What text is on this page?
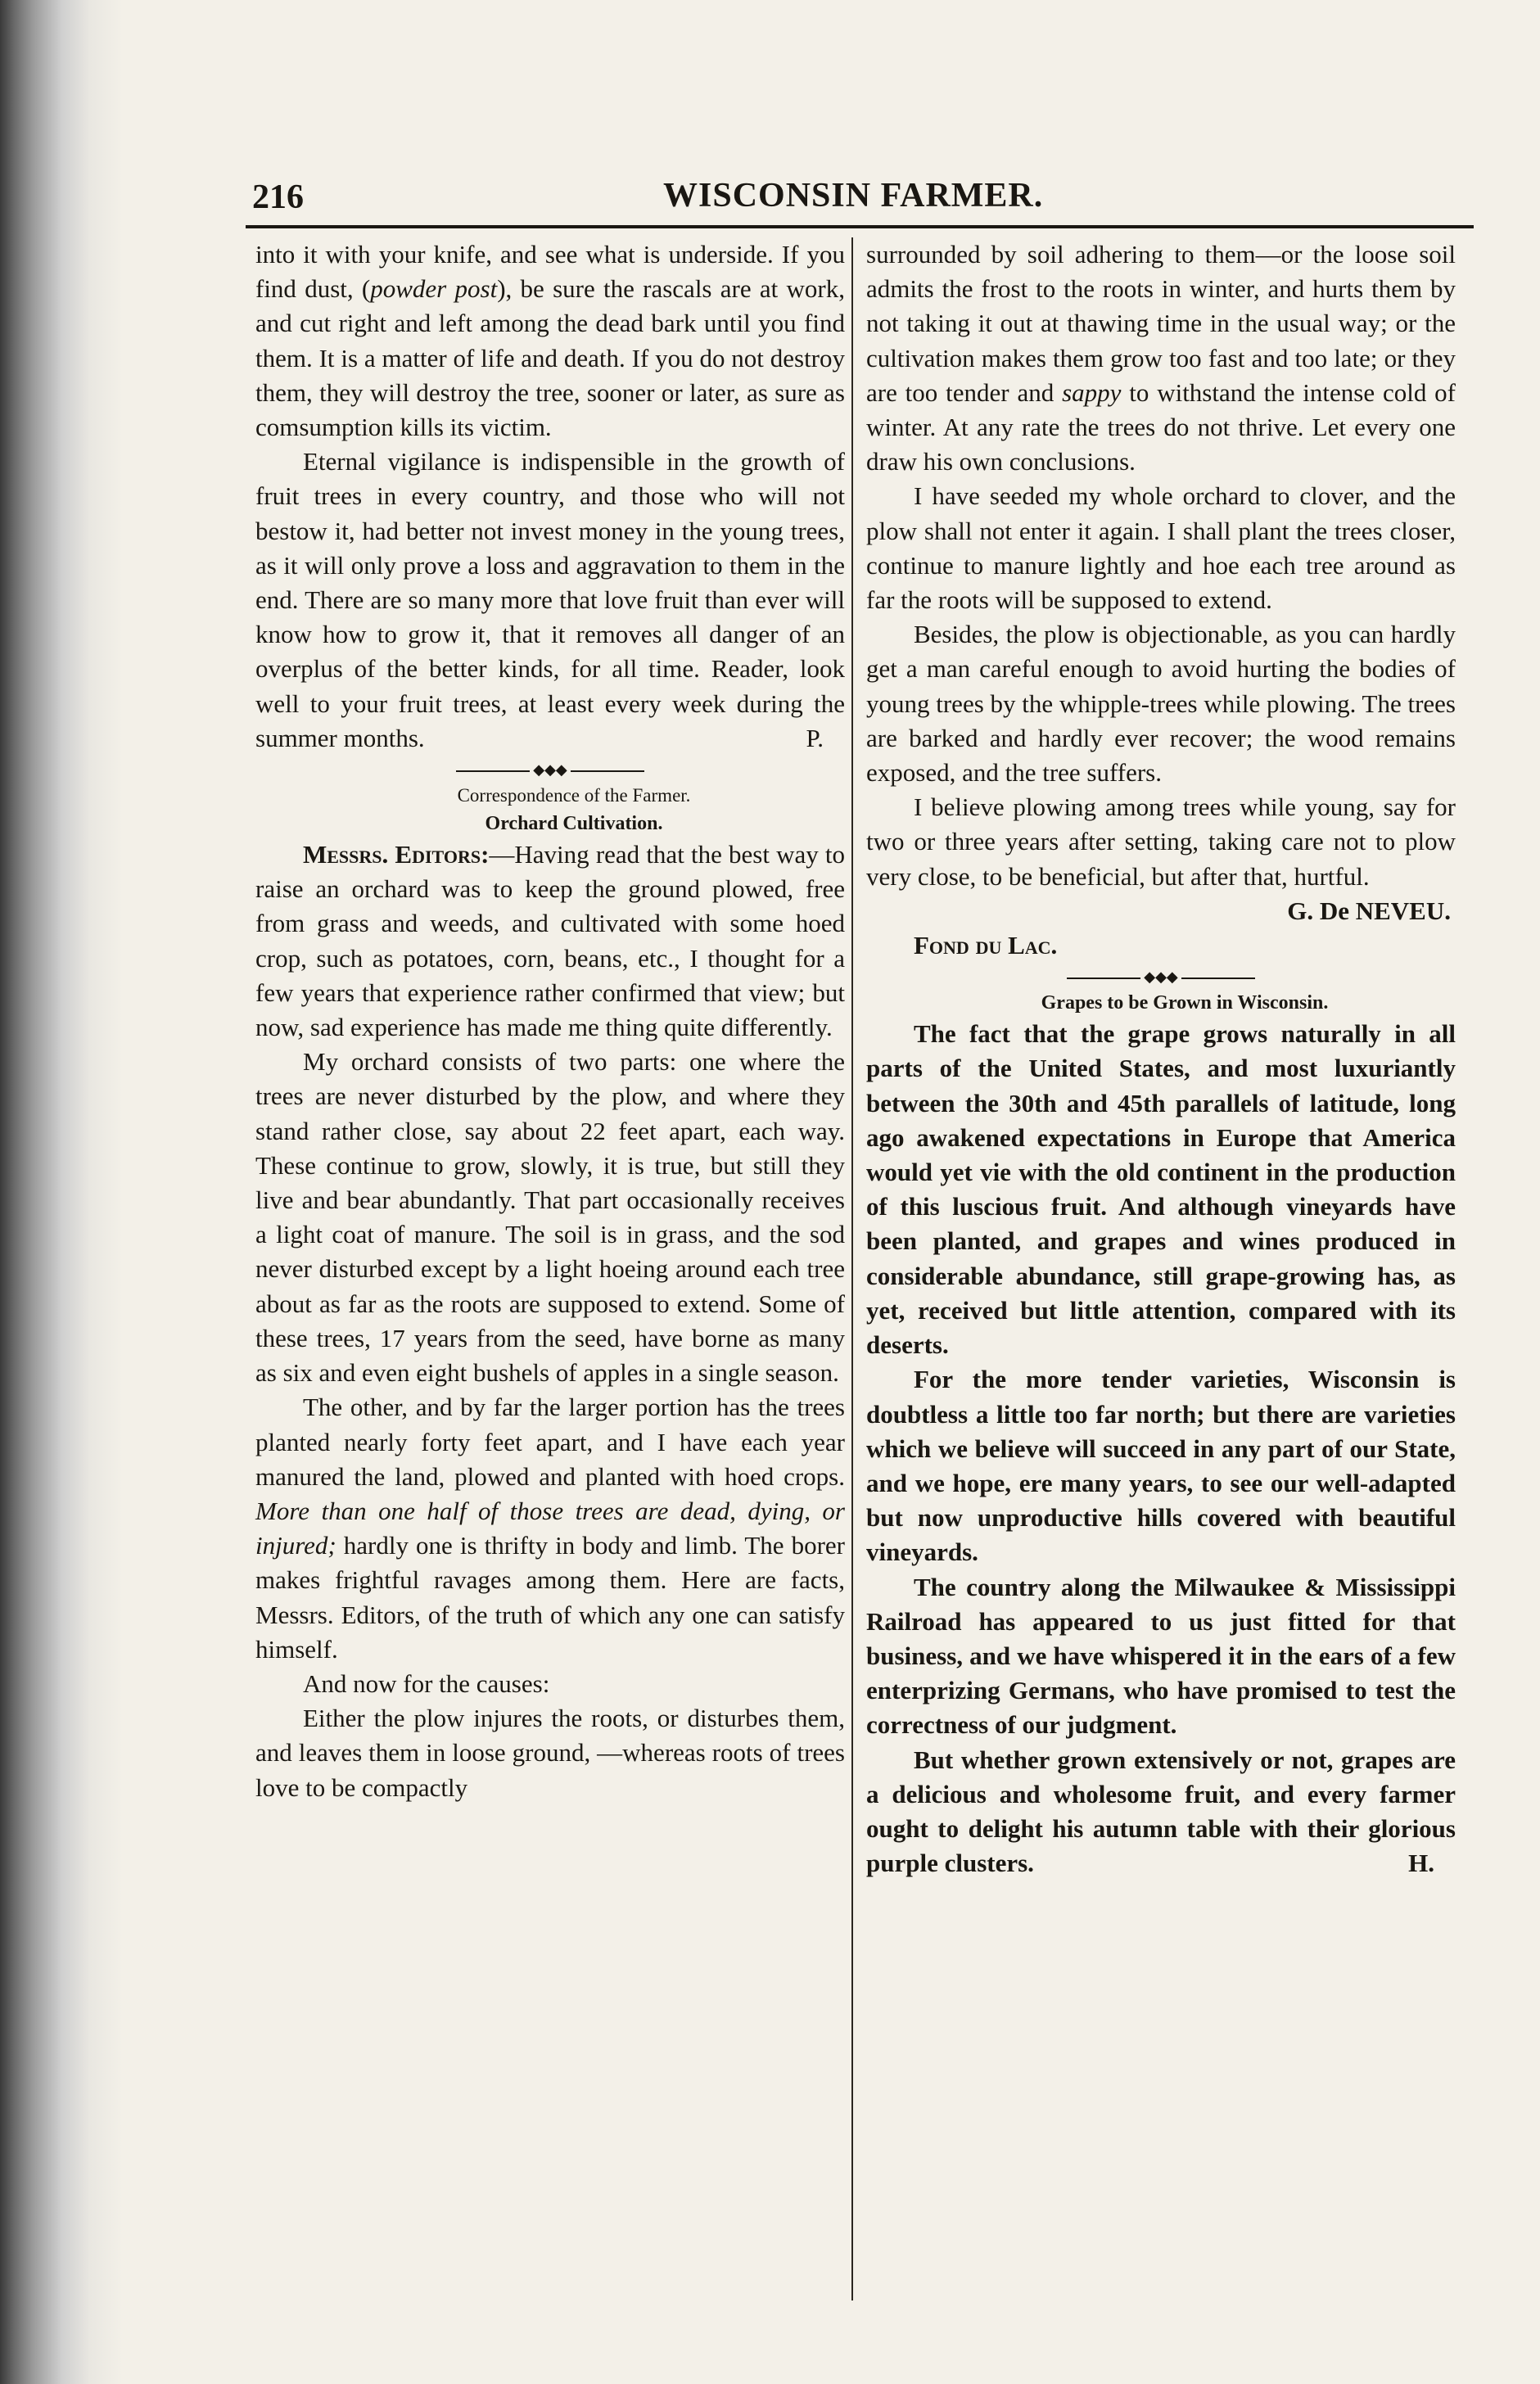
216	WISCONSIN FARMER.

into it with your knife, and see what is underside. If you find dust, (powder post), be sure the rascals are at work, and cut right and left among the dead bark until you find them. It is a matter of life and death. If you do not destroy them, they will destroy the tree, sooner or later, as sure as comsumption kills its victim.

Eternal vigilance is indispensible in the growth of fruit trees in every country, and those who will not bestow it, had better not invest money in the young trees, as it will only prove a loss and aggravation to them in the end. There are so many more that love fruit than ever will know how to grow it, that it removes all danger of an overplus of the better kinds, for all time. Reader, look well to your fruit trees, at least every week during the summer months.	P.

◆◆◆

Correspondence of the Farmer.

Orchard Cultivation.

Messrs. Editors:—Having read that the best way to raise an orchard was to keep the ground plowed, free from grass and weeds, and cultivated with some hoed crop, such as potatoes, corn, beans, etc., I thought for a few years that experience rather confirmed that view; but now, sad experience has made me thing quite differently.

My orchard consists of two parts: one where the trees are never disturbed by the plow, and where they stand rather close, say about 22 feet apart, each way. These continue to grow, slowly, it is true, but still they live and bear abundantly. That part occasionally receives a light coat of manure. The soil is in grass, and the sod never disturbed except by a light hoeing around each tree about as far as the roots are supposed to extend. Some of these trees, 17 years from the seed, have borne as many as six and even eight bushels of apples in a single season.

The other, and by far the larger portion has the trees planted nearly forty feet apart, and I have each year manured the land, plowed and planted with hoed crops. More than one half of those trees are dead, dying, or injured; hardly one is thrifty in body and limb. The borer makes frightful ravages among them. Here are facts, Messrs. Editors, of the truth of which any one can satisfy himself.

And now for the causes:

Either the plow injures the roots, or disturbes them, and leaves them in loose ground, —whereas roots of trees love to be compactly

surrounded by soil adhering to them—or the loose soil admits the frost to the roots in winter, and hurts them by not taking it out at thawing time in the usual way; or the cultivation makes them grow too fast and too late; or they are too tender and sappy to withstand the intense cold of winter. At any rate the trees do not thrive. Let every one draw his own conclusions.

I have seeded my whole orchard to clover, and the plow shall not enter it again. I shall plant the trees closer, continue to manure lightly and hoe each tree around as far the roots will be supposed to extend.

Besides, the plow is objectionable, as you can hardly get a man careful enough to avoid hurting the bodies of young trees by the whipple-trees while plowing. The trees are barked and hardly ever recover; the wood remains exposed, and the tree suffers.

I believe plowing among trees while young, say for two or three years after setting, taking care not to plow very close, to be beneficial, but after that, hurtful.

G. De NEVEU.

Fond du Lac.

◆◆◆

Grapes to be Grown in Wisconsin.

The fact that the grape grows naturally in all parts of the United States, and most luxuriantly between the 30th and 45th parallels of latitude, long ago awakened expectations in Europe that America would yet vie with the old continent in the production of this luscious fruit. And although vineyards have been planted, and grapes and wines produced in considerable abundance, still grape-growing has, as yet, received but little attention, compared with its deserts.

For the more tender varieties, Wisconsin is doubtless a little too far north; but there are varieties which we believe will succeed in any part of our State, and we hope, ere many years, to see our well-adapted but now unproductive hills covered with beautiful vineyards.

The country along the Milwaukee & Mississippi Railroad has appeared to us just fitted for that business, and we have whispered it in the ears of a few enterprizing Germans, who have promised to test the correctness of our judgment.

But whether grown extensively or not, grapes are a delicious and wholesome fruit, and every farmer ought to delight his autumn table with their glorious purple clusters.	H.
